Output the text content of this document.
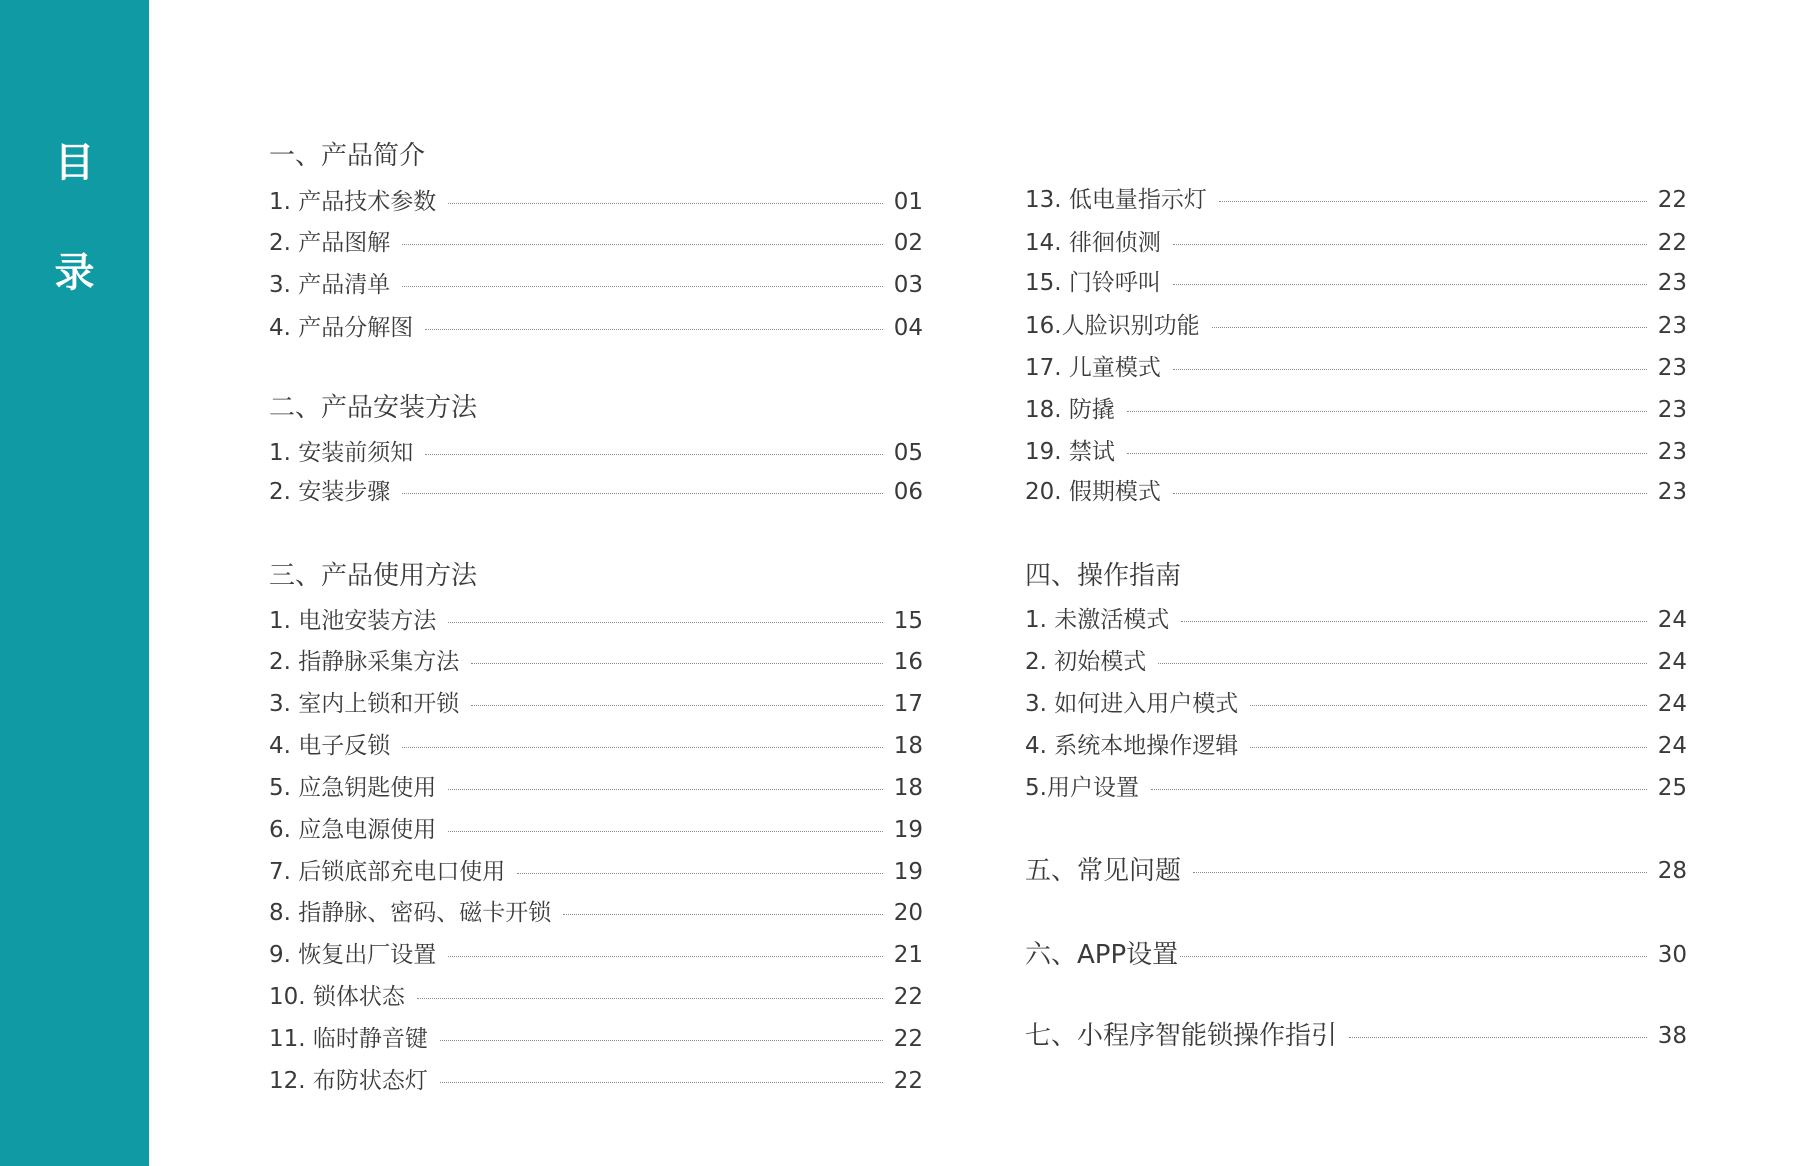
目
录
一、产品简介
1. 产品技术参数	01
2. 产品图解	02
3. 产品清单	03
4. 产品分解图	04
二、产品安装方法
1. 安装前须知	05
2. 安装步骤	06
三、产品使用方法
1. 电池安装方法	15
2. 指静脉采集方法	16
3. 室内上锁和开锁	17
4. 电子反锁	18
5. 应急钥匙使用	18
6. 应急电源使用	19
7. 后锁底部充电口使用	19
8. 指静脉、密码、磁卡开锁	20
9. 恢复出厂设置	21
10. 锁体状态	22
11. 临时静音键	22
12. 布防状态灯	22
13. 低电量指示灯	22
14. 徘徊侦测	22
15. 门铃呼叫	23
16.人脸识别功能	23
17. 儿童模式	23
18. 防撬	23
19. 禁试	23
20. 假期模式	23
四、操作指南
1. 未激活模式	24
2. 初始模式	24
3. 如何进入用户模式	24
4. 系统本地操作逻辑	24
5.用户设置	25
五、常见问题	28
六、APP设置	30
七、小程序智能锁操作指引	38
